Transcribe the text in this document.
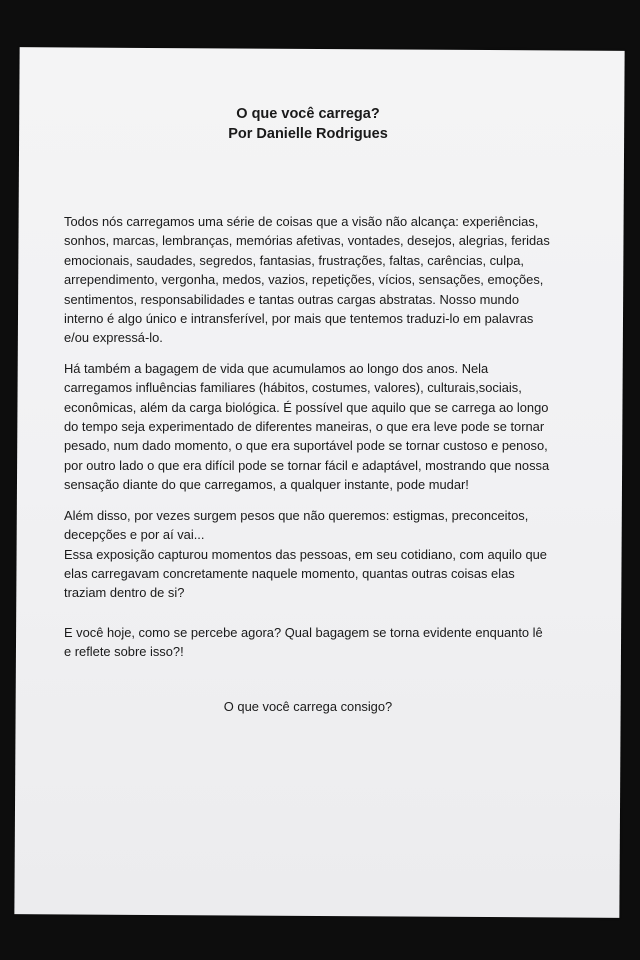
O que você carrega?
Por Danielle Rodrigues

Todos nós carregamos uma série de coisas que a visão não alcança: experiências,
sonhos, marcas, lembranças, memórias afetivas, vontades, desejos, alegrias, feridas
emocionais, saudades, segredos, fantasias, frustrações, faltas, carências, culpa,
arrependimento, vergonha, medos, vazios, repetições, vícios, sensações, emoções,
sentimentos, responsabilidades e tantas outras cargas abstratas. Nosso mundo
interno é algo único e intransferível, por mais que tentemos traduzi-lo em palavras
e/ou expressá-lo.

Há também a bagagem de vida que acumulamos ao longo dos anos. Nela
carregamos influências familiares (hábitos, costumes, valores), culturais,sociais,
econômicas, além da carga biológica. É possível que aquilo que se carrega ao longo
do tempo seja experimentado de diferentes maneiras, o que era leve pode se tornar
pesado, num dado momento, o que era suportável pode se tornar custoso e penoso,
por outro lado o que era difícil pode se tornar fácil e adaptável, mostrando que nossa
sensação diante do que carregamos, a qualquer instante, pode mudar!

Além disso, por vezes surgem pesos que não queremos: estigmas, preconceitos,
decepções e por aí vai...

Essa exposição capturou momentos das pessoas, em seu cotidiano, com aquilo que
elas carregavam concretamente naquele momento, quantas outras coisas elas
traziam dentro de si?

E você hoje, como se percebe agora? Qual bagagem se torna evidente enquanto lê
e reflete sobre isso?!

O que você carrega consigo?
